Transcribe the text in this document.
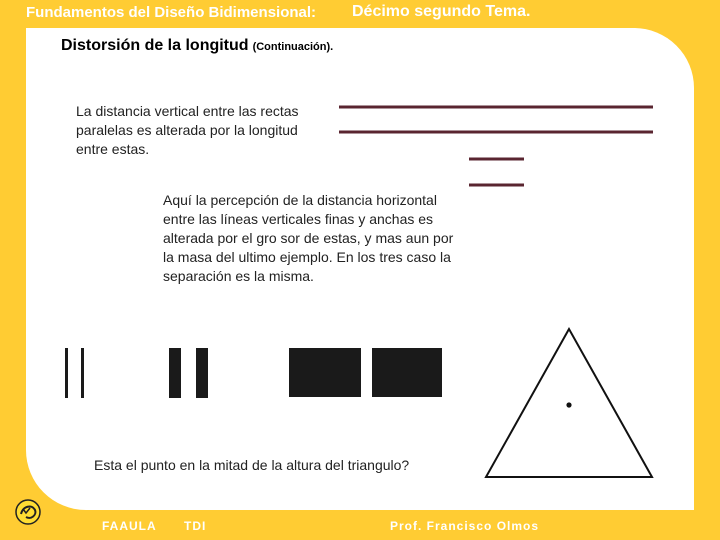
Fundamentos del Diseño Bidimensional: Décimo segundo Tema.
Distorsión de la longitud (Continuación).
La distancia vertical entre las rectas paralelas es alterada por la longitud entre estas.
Aquí la percepción de la distancia horizontal entre las líneas verticales finas y anchas es alterada por el gro sor de estas, y mas aun por la masa del ultimo ejemplo. En los tres caso la separación es la misma.
Esta el punto en la mitad de la altura del triangulo?
FAAULA TDI	Prof. Francisco Olmos
